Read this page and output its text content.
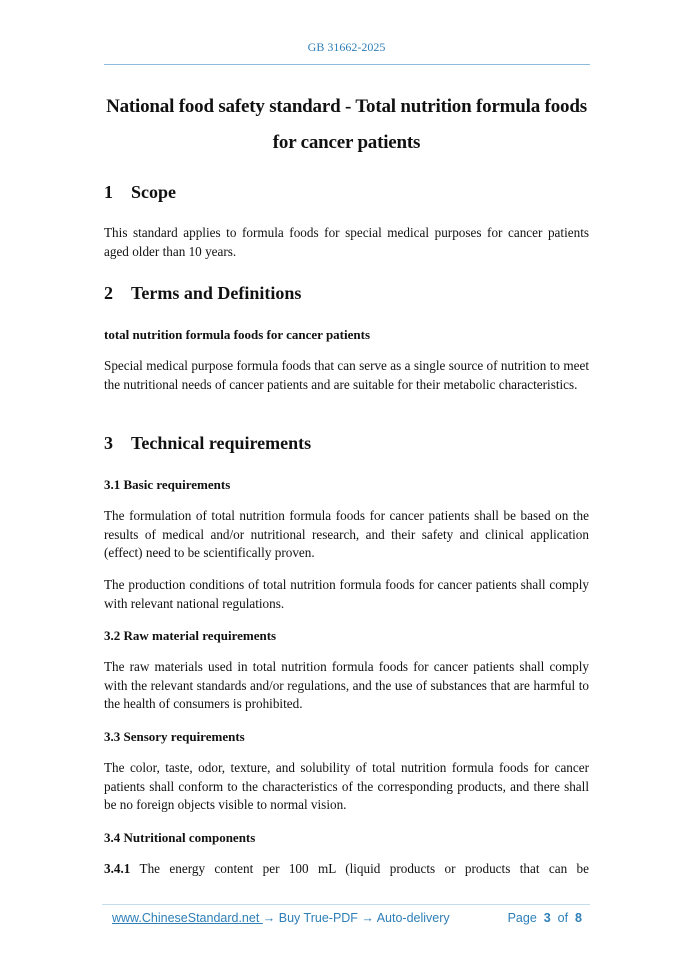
GB 31662-2025
National food safety standard - Total nutrition formula foods
for cancer patients
1 Scope
This standard applies to formula foods for special medical purposes for cancer patients aged older than 10 years.
2 Terms and Definitions
total nutrition formula foods for cancer patients
Special medical purpose formula foods that can serve as a single source of nutrition to meet the nutritional needs of cancer patients and are suitable for their metabolic characteristics.
3 Technical requirements
3.1 Basic requirements
The formulation of total nutrition formula foods for cancer patients shall be based on the results of medical and/or nutritional research, and their safety and clinical application (effect) need to be scientifically proven.
The production conditions of total nutrition formula foods for cancer patients shall comply with relevant national regulations.
3.2 Raw material requirements
The raw materials used in total nutrition formula foods for cancer patients shall comply with the relevant standards and/or regulations, and the use of substances that are harmful to the health of consumers is prohibited.
3.3 Sensory requirements
The color, taste, odor, texture, and solubility of total nutrition formula foods for cancer patients shall conform to the characteristics of the corresponding products, and there shall be no foreign objects visible to normal vision.
3.4 Nutritional components
3.4.1 The energy content per 100 mL (liquid products or products that can be
www.ChineseStandard.net → Buy True-PDF → Auto-delivery	Page 3 of 8
